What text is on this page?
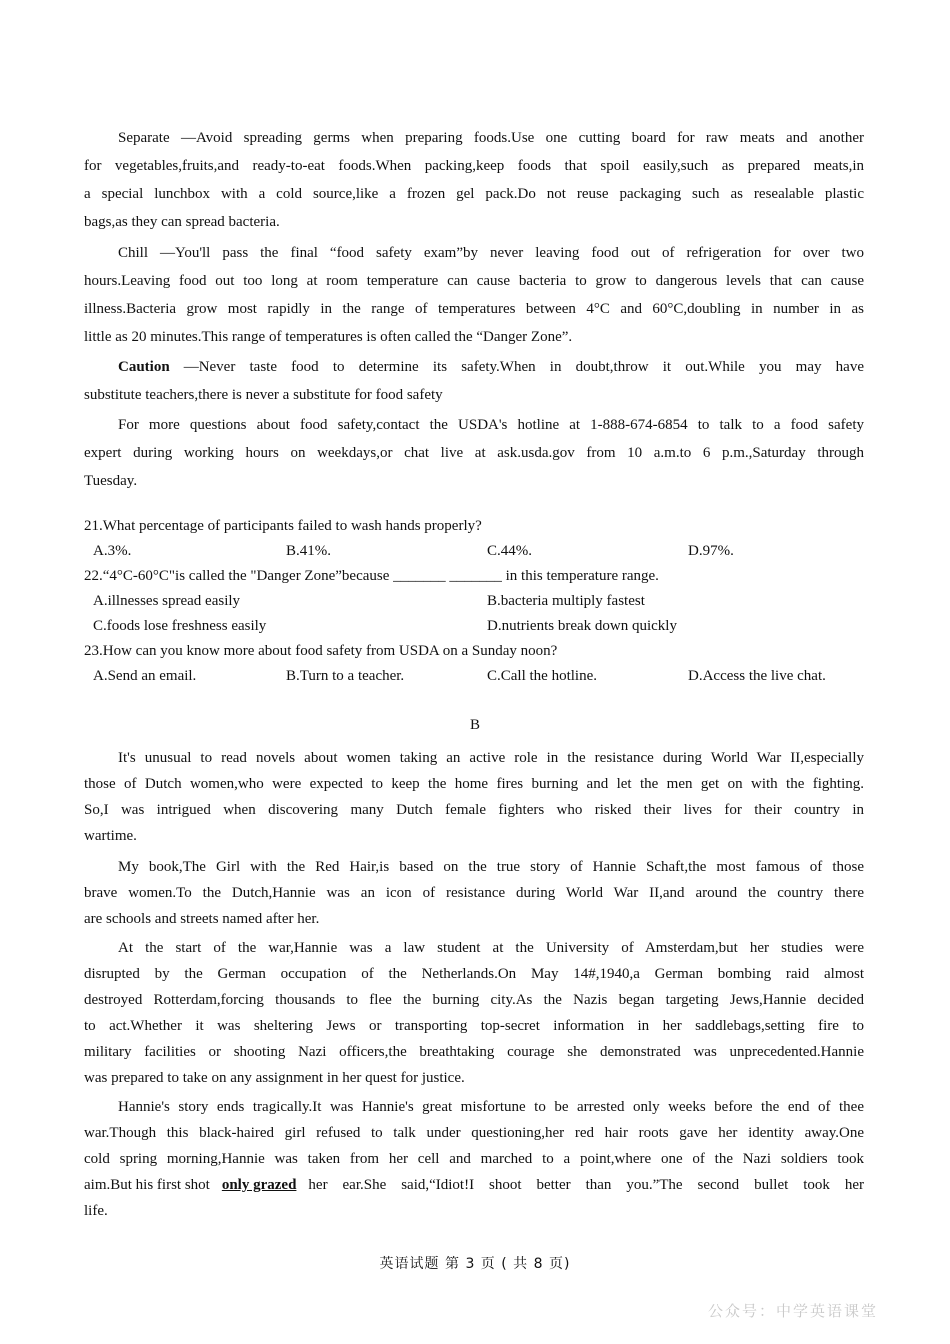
Separate —Avoid spreading germs when preparing foods.Use one cutting board for raw meats and another
for vegetables,fruits,and ready-to-eat foods.When packing,keep foods that spoil easily,such as prepared meats,in
a special lunchbox with a cold source,like a frozen gel pack.Do not reuse packaging such as resealable plastic
bags,as they can spread bacteria.
Chill —You'll pass the final “food safety exam”by never leaving food out of refrigeration for over two
hours.Leaving food out too long at room temperature can cause bacteria to grow to dangerous levels that can cause
illness.Bacteria grow most rapidly in the range of temperatures between 4°C and 60°C,doubling in number in as
little as 20 minutes.This range of temperatures is often called the “Danger Zone”.
Caution —Never taste food to determine its safety.When in doubt,throw it out.While you may have
substitute teachers,there is never a substitute for food safety
For more questions about food safety,contact the USDA's hotline at 1-888-674-6854 to talk to a food safety
expert during working hours on weekdays,or chat live at ask.usda.gov from 10 a.m.to 6 p.m.,Saturday through
Tuesday.
21.What percentage of participants failed to wash hands properly?
A.3%.	B.41%.	C.44%.	D.97%.
22.“4°C-60°C"is called the "Danger Zone”because _______ _______ in this temperature range.
A.illnesses spread easily	B.bacteria multiply fastest
C.foods lose freshness easily	D.nutrients break down quickly
23.How can you know more about food safety from USDA on a Sunday noon?
A.Send an email.	B.Turn to a teacher.	C.Call the hotline.	D.Access the live chat.
B
It's unusual to read novels about women taking an active role in the resistance during World War II,especially
those of Dutch women,who were expected to keep the home fires burning and let the men get on with the fighting.
So,I was intrigued when discovering many Dutch female fighters who risked their lives for their country in
wartime.
My book,The Girl with the Red Hair,is based on the true story of Hannie Schaft,the most famous of those
brave women.To the Dutch,Hannie was an icon of resistance during World War II,and around the country there
are schools and streets named after her.
At the start of the war,Hannie was a law student at the University of Amsterdam,but her studies were
disrupted by the German occupation of the Netherlands.On May 14#,1940,a German bombing raid almost
destroyed Rotterdam,forcing thousands to flee the burning city.As the Nazis began targeting Jews,Hannie decided
to act.Whether it was sheltering Jews or transporting top-secret information in her saddlebags,setting fire to
military facilities or shooting Nazi officers,the breathtaking courage she demonstrated was unprecedented.Hannie
was prepared to take on any assignment in her quest for justice.
Hannie's story ends tragically.It was Hannie's great misfortune to be arrested only weeks before the end of thee
war.Though this black-haired girl refused to talk under questioning,her red hair roots gave her identity away.One
cold spring morning,Hannie was taken from her cell and marched to a point,where one of the Nazi soldiers took
aim.But his first shot only grazed her ear.She said,“Idiot!I shoot better than you.”The second bullet took her
life.
英语试题 第 3 页 ( 共 8 页)
公众号：中学英语课堂
